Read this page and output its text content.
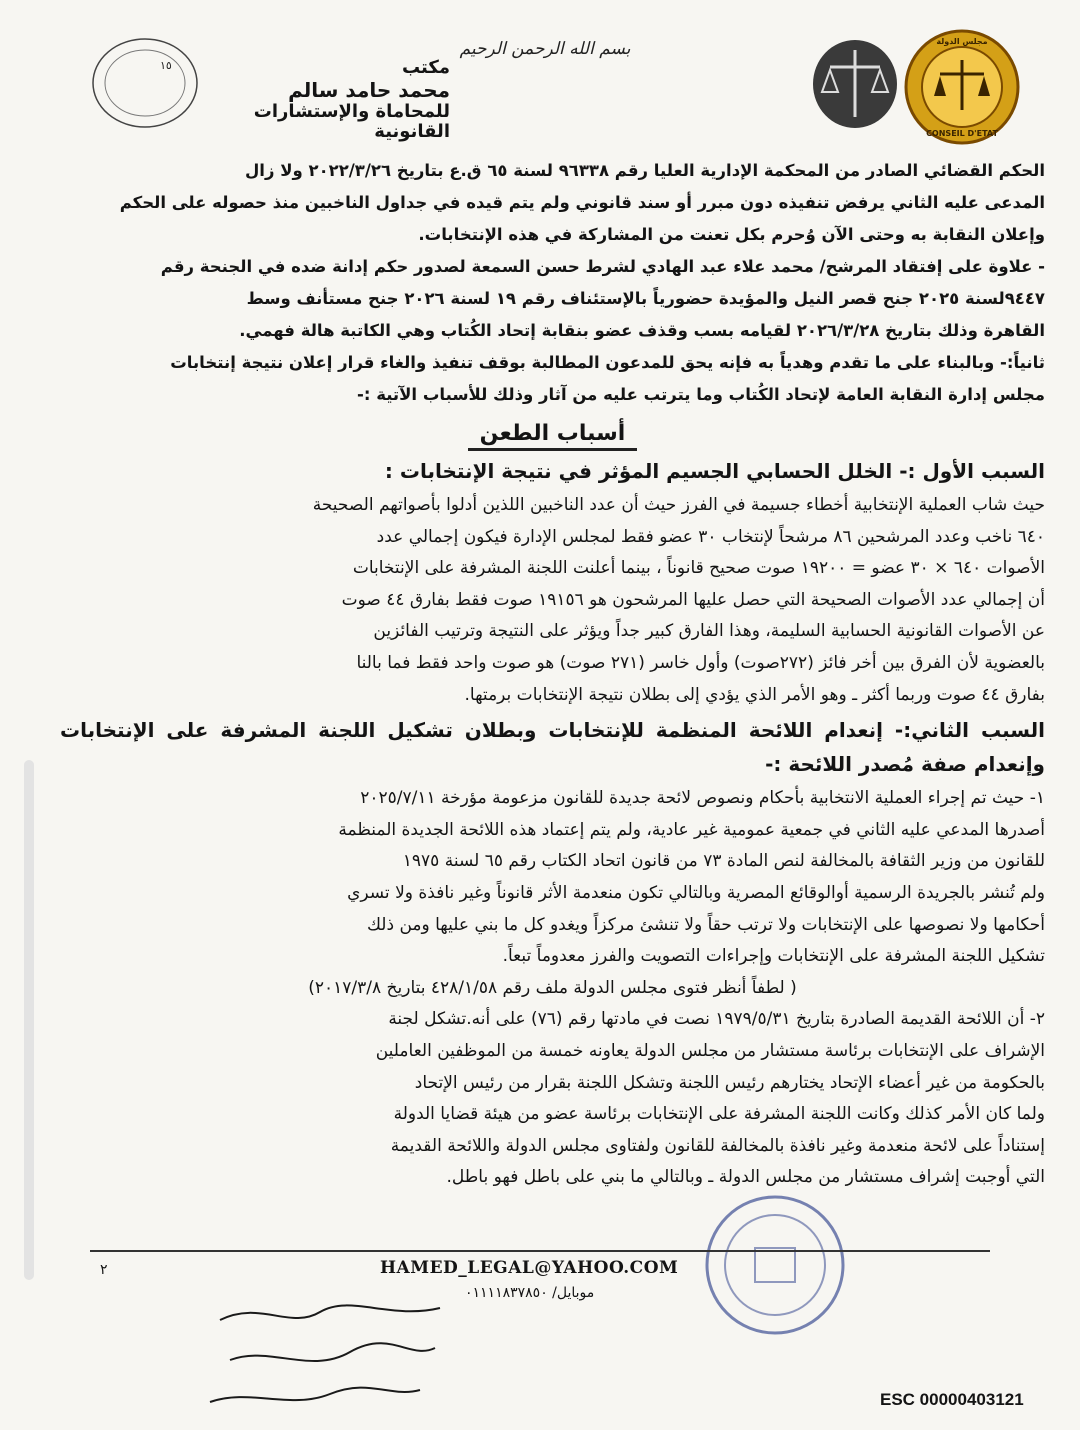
CONSEIL D'ETAT
مجلس الدولة
بسم الله الرحمن الرحيم
١٥	مكتب
محمد حامد سالم
للمحاماة والإستشارات القانونية

الحكم القضائي الصادر من المحكمة الإدارية العليا رقم ٩٦٣٣٨ لسنة ٦٥ ق.ع بتاريخ ٢٠٢٢/٣/٢٦ ولا زال

المدعى عليه الثاني يرفض تنفيذه دون مبرر أو سند قانوني ولم يتم قيده في جداول الناخبين منذ حصوله على الحكم

وإعلان النقابة به وحتى الآن وُحرم بكل تعنت من المشاركة في هذه الإنتخابات.

- علاوة على إفتقاد المرشح/ محمد علاء عبد الهادي لشرط حسن السمعة لصدور حكم إدانة ضده في الجنحة رقم

٩٤٤٧لسنة ٢٠٢٥ جنح قصر النيل والمؤيدة حضورياً بالإستئناف رقم ١٩ لسنة ٢٠٢٦ جنح مستأنف وسط

القاهرة وذلك بتاريخ ٢٠٢٦/٣/٢٨ لقيامه بسب وقذف عضو بنقابة إتحاد الكُتاب وهي الكاتبة هالة فهمي.

ثانياً:- وبالبناء على ما تقدم وهدياً به فإنه يحق للمدعون المطالبة بوقف تنفيذ والغاء قرار إعلان نتيجة إنتخابات

مجلس إدارة النقابة العامة لإتحاد الكُتاب وما يترتب عليه من آثار وذلك للأسباب الآتية :-

أسباب الطعن
السبب الأول :- الخلل الحسابي الجسيم المؤثر في نتيجة الإنتخابات :

حيث شاب العملية الإنتخابية أخطاء جسيمة في الفرز حيث أن عدد الناخبين اللذين أدلوا بأصواتهم الصحيحة

٦٤٠ ناخب وعدد المرشحين ٨٦ مرشحاً لإنتخاب ٣٠ عضو فقط لمجلس الإدارة فيكون إجمالي عدد

الأصوات ٦٤٠ × ٣٠ عضو = ١٩٢٠٠ صوت صحيح قانوناً ، بينما أعلنت اللجنة المشرفة على الإنتخابات

أن إجمالي عدد الأصوات الصحيحة التي حصل عليها المرشحون هو ١٩١٥٦ صوت فقط بفارق ٤٤ صوت

عن الأصوات القانونية الحسابية السليمة، وهذا الفارق كبير جداً ويؤثر على النتيجة وترتيب الفائزين

بالعضوية لأن الفرق بين أخر فائز (٢٧٢صوت) وأول خاسر (٢٧١ صوت) هو صوت واحد فقط فما بالنا

بفارق ٤٤ صوت وربما أكثر ـ وهو الأمر الذي يؤدي إلى بطلان نتيجة الإنتخابات برمتها.

السبب الثاني:- إنعدام اللائحة المنظمة للإنتخابات وبطلان تشكيل اللجنة المشرفة على الإنتخابات وإنعدام صفة مُصدر اللائحة :-

١- حيث تم إجراء العملية الانتخابية بأحكام ونصوص لائحة جديدة للقانون مزعومة مؤرخة ٢٠٢٥/٧/١١

أصدرها المدعي عليه الثاني في جمعية عمومية غير عادية، ولم يتم إعتماد هذه اللائحة الجديدة المنظمة

للقانون من وزير الثقافة بالمخالفة لنص المادة ٧٣ من قانون اتحاد الكتاب رقم ٦٥ لسنة ١٩٧٥

ولم تُنشر بالجريدة الرسمية أوالوقائع المصرية وبالتالي تكون منعدمة الأثر قانوناً وغير نافذة ولا تسري

أحكامها ولا نصوصها على الإنتخابات ولا ترتب حقاً ولا تنشئ مركزاً ويغدو كل ما بني عليها ومن ذلك

تشكيل اللجنة المشرفة على الإنتخابات وإجراءات التصويت والفرز معدوماً تبعاً.

( لطفاً أنظر فتوى مجلس الدولة ملف رقم ٤٢٨/١/٥٨ بتاريخ ٢٠١٧/٣/٨)

٢- أن اللائحة القديمة الصادرة بتاريخ ١٩٧٩/٥/٣١ نصت في مادتها رقم (٧٦) على أنه.تشكل لجنة

الإشراف على الإنتخابات برئاسة مستشار من مجلس الدولة يعاونه خمسة من الموظفين العاملين

بالحكومة من غير أعضاء الإتحاد يختارهم رئيس اللجنة وتشكل اللجنة بقرار من رئيس الإتحاد

ولما كان الأمر كذلك وكانت اللجنة المشرفة على الإنتخابات برئاسة عضو من هيئة قضايا الدولة

إستناداً على لائحة منعدمة وغير نافذة بالمخالفة للقانون ولفتاوى مجلس الدولة واللائحة القديمة

التي أوجبت إشراف مستشار من مجلس الدولة ـ وبالتالي ما بني على باطل فهو باطل.

٢	HAMED_LEGAL@YAHOO.COM
موبايل/ ٠١١١١٨٣٧٨٥٠
ESC 00000403121
